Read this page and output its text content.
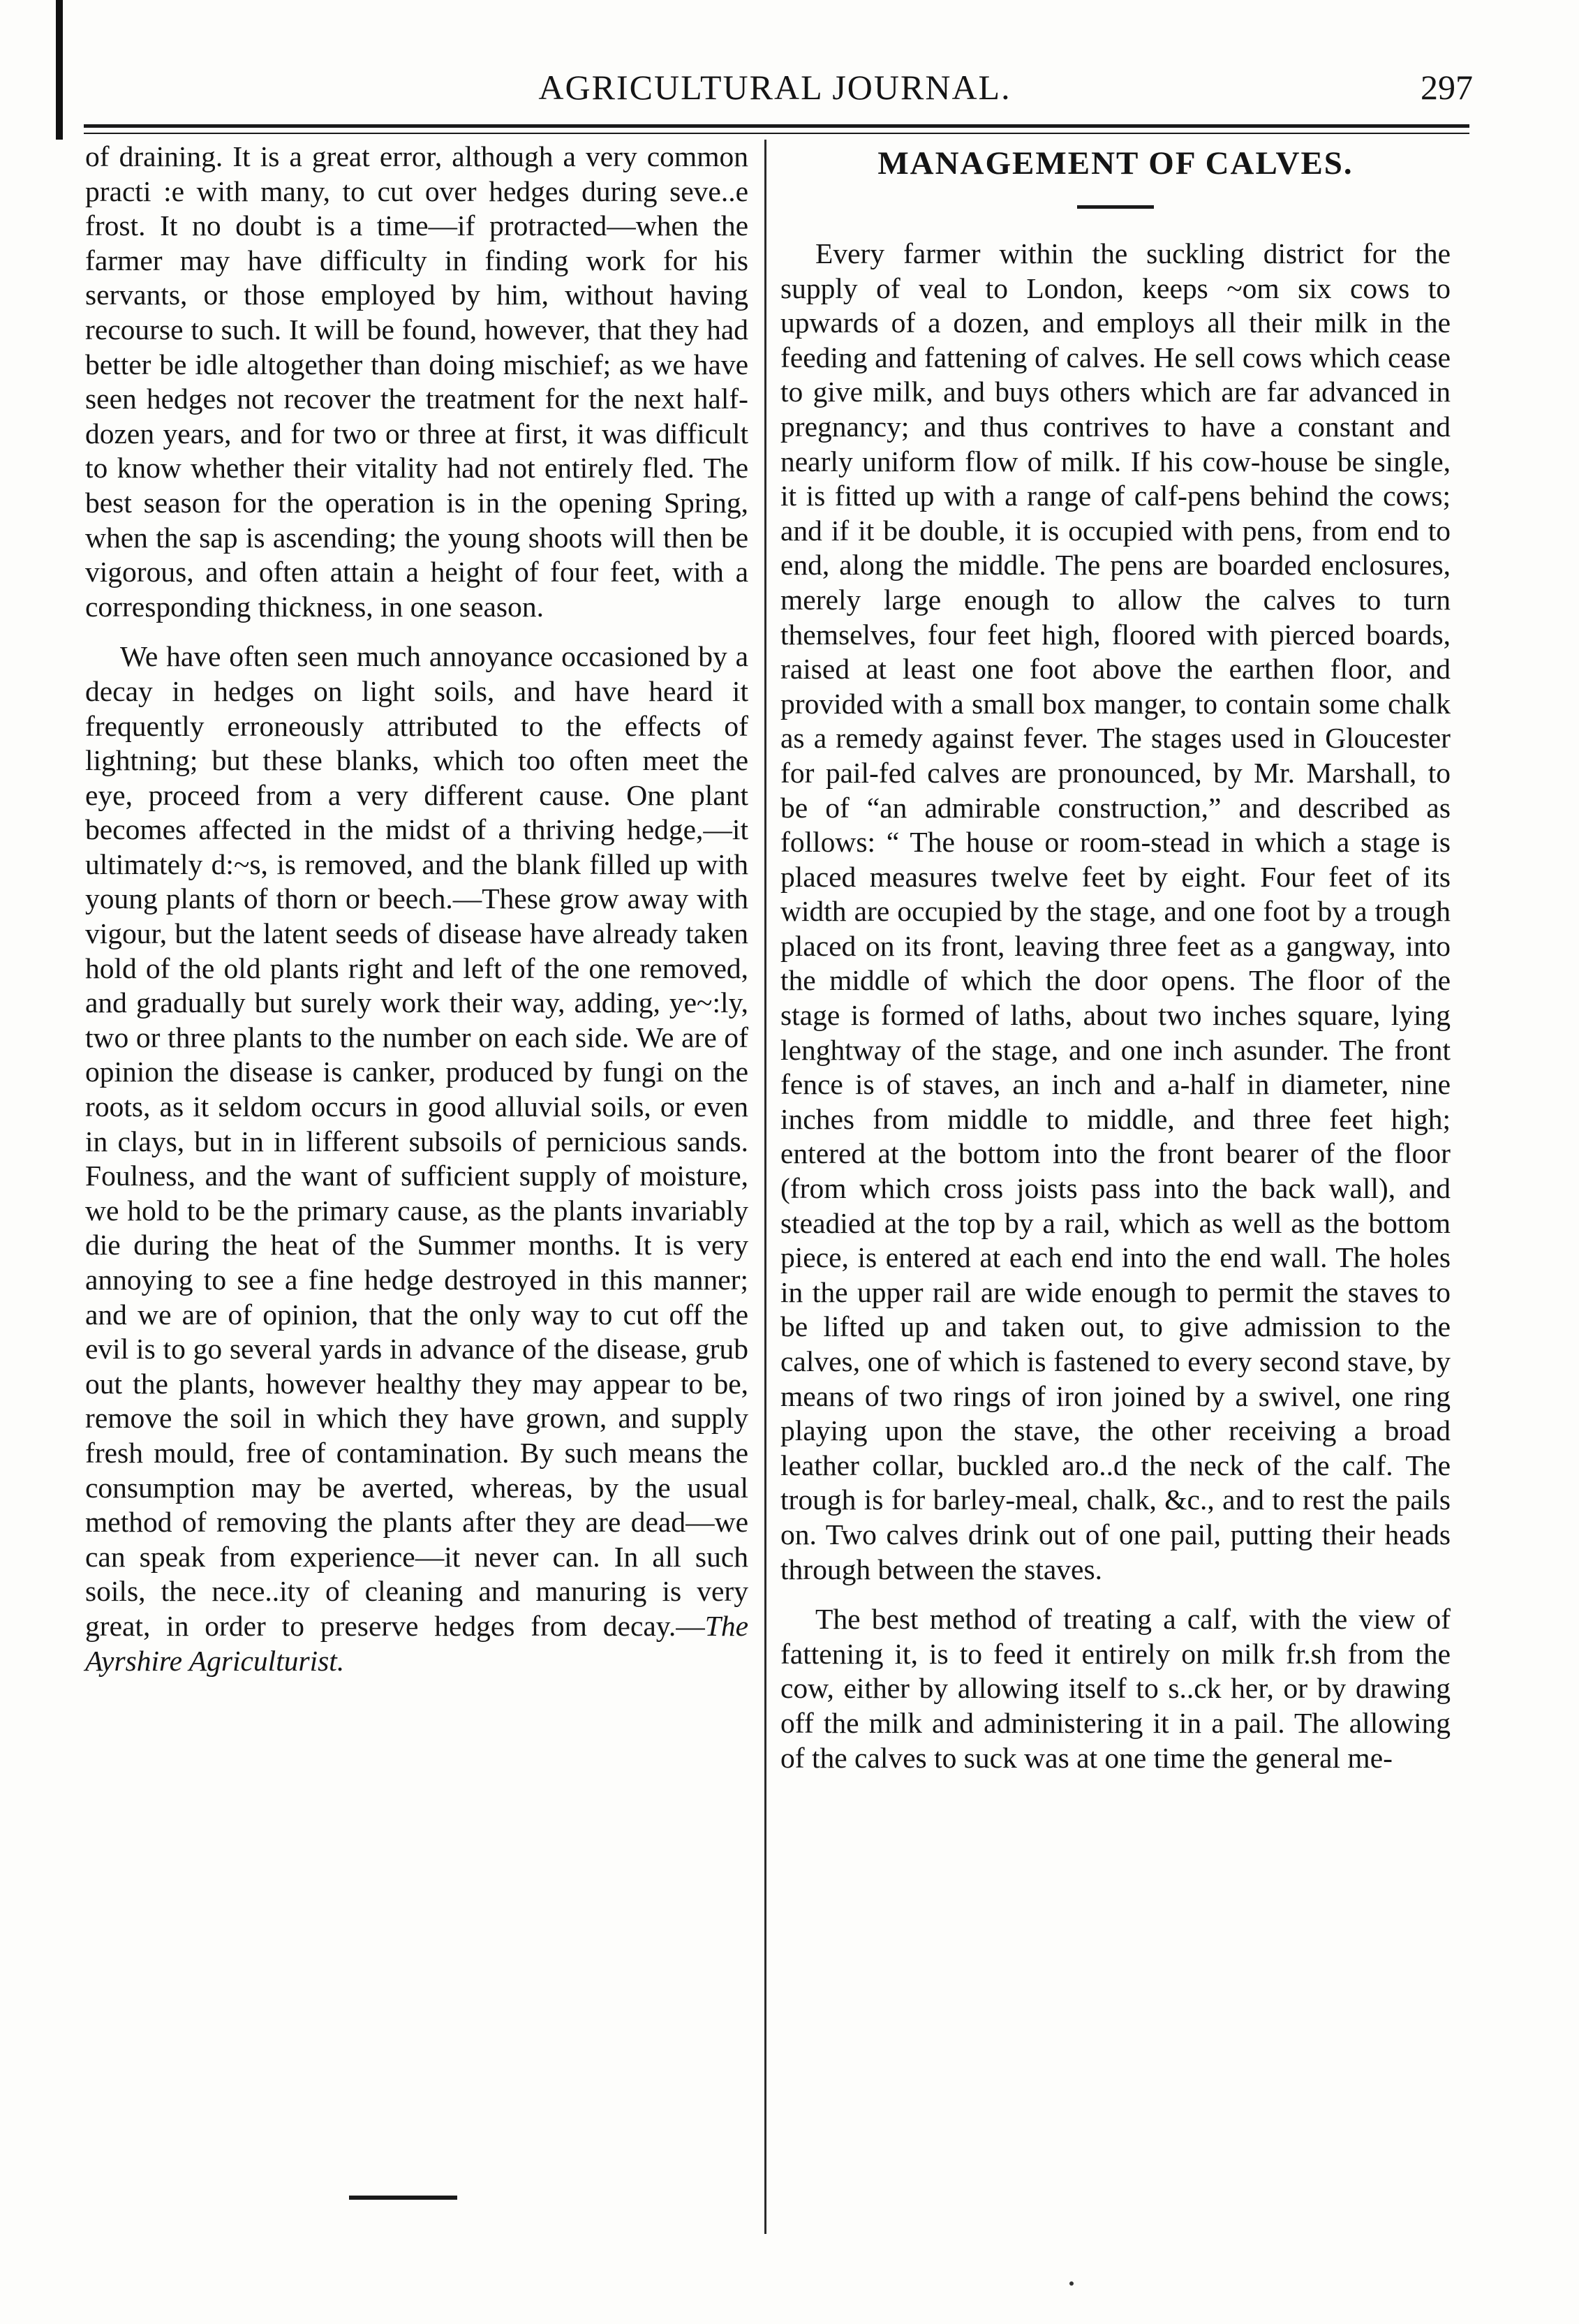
AGRICULTURAL JOURNAL.	297

of draining. It is a great error, although a very common practi :e with many, to cut over hedges during seve..e frost. It no doubt is a time—if protracted—when the farmer may have difficulty in finding work for his servants, or those employed by him, without having recourse to such. It will be found, however, that they had better be idle altogether than doing mischief; as we have seen hedges not recover the treatment for the next half-dozen years, and for two or three at first, it was difficult to know whether their vitality had not entirely fled. The best season for the operation is in the opening Spring, when the sap is ascending; the young shoots will then be vigorous, and often attain a height of four feet, with a corresponding thickness, in one season.

We have often seen much annoyance occasioned by a decay in hedges on light soils, and have heard it frequently erroneously attributed to the effects of lightning; but these blanks, which too often meet the eye, proceed from a very different cause. One plant becomes affected in the midst of a thriving hedge,—it ultimately d:~s, is removed, and the blank filled up with young plants of thorn or beech.—These grow away with vigour, but the latent seeds of disease have already taken hold of the old plants right and left of the one removed, and gradually but surely work their way, adding, ye~:ly, two or three plants to the number on each side. We are of opinion the disease is canker, produced by fungi on the roots, as it seldom occurs in good alluvial soils, or even in clays, but in in lifferent subsoils of pernicious sands. Foulness, and the want of sufficient supply of moisture, we hold to be the primary cause, as the plants invariably die during the heat of the Summer months. It is very annoying to see a fine hedge destroyed in this manner; and we are of opinion, that the only way to cut off the evil is to go several yards in advance of the disease, grub out the plants, however healthy they may appear to be, remove the soil in which they have grown, and supply fresh mould, free of contamination. By such means the consumption may be averted, whereas, by the usual method of removing the plants after they are dead—we can speak from experience—it never can. In all such soils, the nece..ity of cleaning and manuring is very great, in order to preserve hedges from decay.—The Ayrshire Agriculturist.

MANAGEMENT OF CALVES.

Every farmer within the suckling district for the supply of veal to London, keeps ~om six cows to upwards of a dozen, and employs all their milk in the feeding and fattening of calves. He sell cows which cease to give milk, and buys others which are far advanced in pregnancy; and thus contrives to have a constant and nearly uniform flow of milk. If his cow-house be single, it is fitted up with a range of calf-pens behind the cows; and if it be double, it is occupied with pens, from end to end, along the middle. The pens are boarded enclosures, merely large enough to allow the calves to turn themselves, four feet high, floored with pierced boards, raised at least one foot above the earthen floor, and provided with a small box manger, to contain some chalk as a remedy against fever. The stages used in Gloucester for pail-fed calves are pronounced, by Mr. Marshall, to be of “an admirable construction,” and described as follows: “ The house or room-stead in which a stage is placed measures twelve feet by eight. Four feet of its width are occupied by the stage, and one foot by a trough placed on its front, leaving three feet as a gangway, into the middle of which the door opens. The floor of the stage is formed of laths, about two inches square, lying lenghtway of the stage, and one inch asunder. The front fence is of staves, an inch and a-half in diameter, nine inches from middle to middle, and three feet high; entered at the bottom into the front bearer of the floor (from which cross joists pass into the back wall), and steadied at the top by a rail, which as well as the bottom piece, is entered at each end into the end wall. The holes in the upper rail are wide enough to permit the staves to be lifted up and taken out, to give admission to the calves, one of which is fastened to every second stave, by means of two rings of iron joined by a swivel, one ring playing upon the stave, the other receiving a broad leather collar, buckled aro..d the neck of the calf. The trough is for barley-meal, chalk, &c., and to rest the pails on. Two calves drink out of one pail, putting their heads through between the staves.

The best method of treating a calf, with the view of fattening it, is to feed it entirely on milk fr.sh from the cow, either by allowing itself to s..ck her, or by drawing off the milk and administering it in a pail. The allowing of the calves to suck was at one time the general me-
